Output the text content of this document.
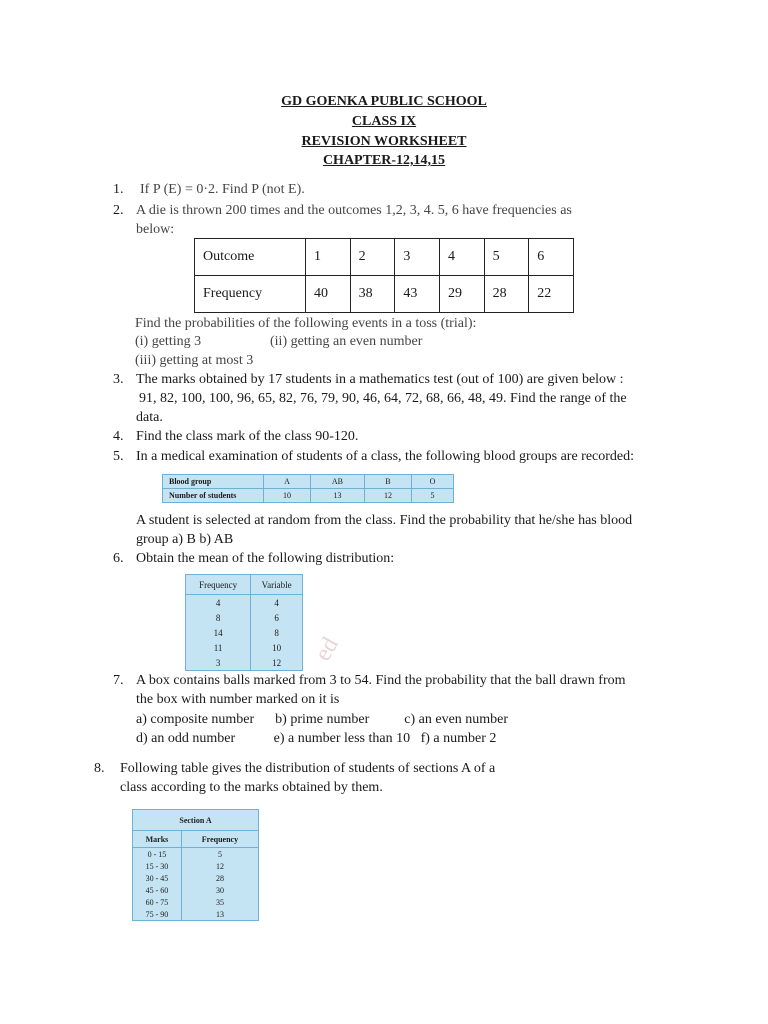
ed
GD GOENKA PUBLIC SCHOOL
CLASS IX
REVISION WORKSHEET
CHAPTER-12,14,15
1. If P (E) = 0·2. Find P (not E).
2. A die is thrown 200 times and the outcomes 1,2, 3, 4. 5, 6 have frequencies as
below:
Outcome	1	2	3	4	5	6
Frequency	40	38	43	29	28	22
Find the probabilities of the following events in a toss (trial):
(i) getting 3	(ii) getting an even number
(iii) getting at most 3
3. The marks obtained by 17 students in a mathematics test (out of 100) are given below :
91, 82, 100, 100, 96, 65, 82, 76, 79, 90, 46, 64, 72, 68, 66, 48, 49. Find the range of the
data.
4. Find the class mark of the class 90-120.
5. In a medical examination of students of a class, the following blood groups are recorded:
Blood group	A	AB	B	O
Number of students	10	13	12	5
A student is selected at random from the class. Find the probability that he/she has blood
group a) B b) AB
6. Obtain the mean of the following distribution:
Frequency	Variable
4	4
8	6
14	8
11	10
3	12
7. A box contains balls marked from 3 to 54. Find the probability that the ball drawn from
the box with number marked on it is
a) composite number      b) prime number          c) an even number
d) an odd number           e) a number less than 10   f) a number 2
8. Following table gives the distribution of students of sections A of a
class according to the marks obtained by them.
Section A	
Marks	Frequency
0 - 15	5
15 - 30	12
30 - 45	28
45 - 60	30
60 - 75	35
75 - 90	13
